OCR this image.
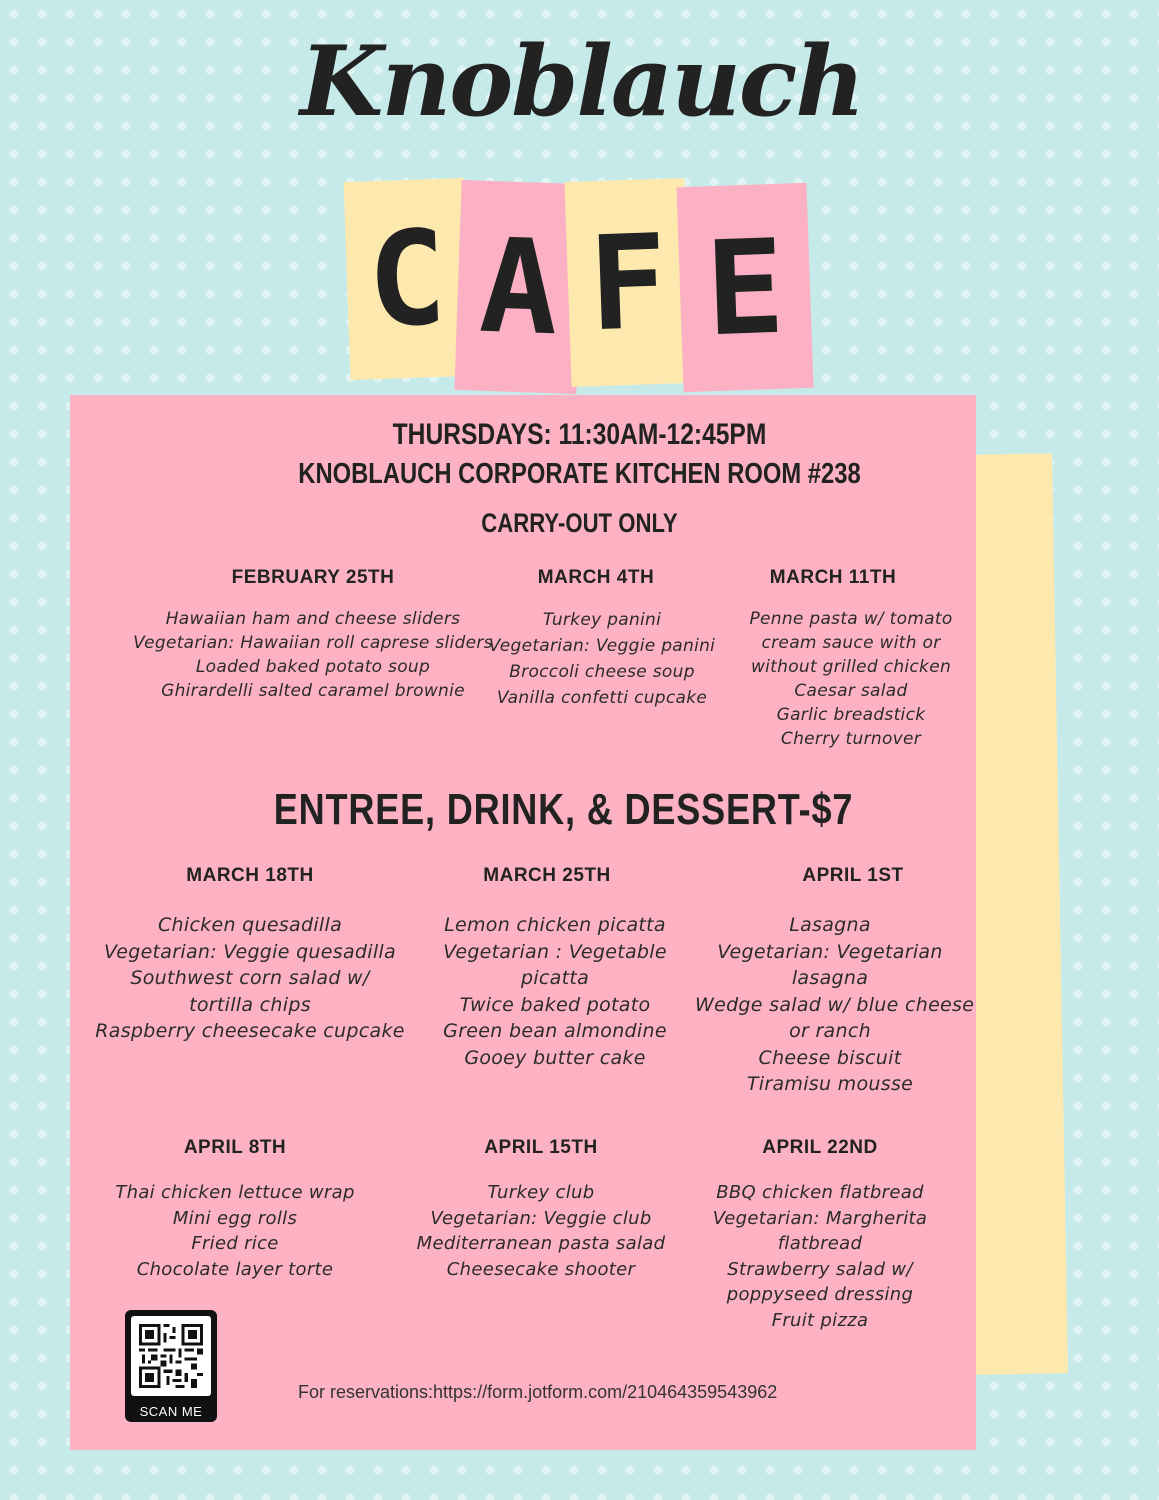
Knoblauch
C A F E
THURSDAYS: 11:30AM-12:45PM
KNOBLAUCH CORPORATE KITCHEN ROOM #238
CARRY-OUT ONLY
FEBRUARY 25TH
Hawaiian ham and cheese sliders
Vegetarian: Hawaiian roll caprese sliders
Loaded baked potato soup
Ghirardelli salted caramel brownie
MARCH 4TH
Turkey panini
Vegetarian: Veggie panini
Broccoli cheese soup
Vanilla confetti cupcake
MARCH 11TH
Penne pasta w/ tomato
cream sauce with or
without grilled chicken
Caesar salad
Garlic breadstick
Cherry turnover
ENTREE, DRINK, & DESSERT-$7
MARCH 18TH
Chicken quesadilla
Vegetarian: Veggie quesadilla
Southwest corn salad w/
tortilla chips
Raspberry cheesecake cupcake
MARCH 25TH
Lemon chicken picatta
Vegetarian : Vegetable
picatta
Twice baked potato
Green bean almondine
Gooey butter cake
APRIL 1ST
Lasagna
Vegetarian: Vegetarian
lasagna
Wedge salad w/ blue cheese
or ranch
Cheese biscuit
Tiramisu mousse
APRIL 8TH
Thai chicken lettuce wrap
Mini egg rolls
Fried rice
Chocolate layer torte
APRIL 15TH
Turkey club
Vegetarian: Veggie club
Mediterranean pasta salad
Cheesecake shooter
APRIL 22ND
BBQ chicken flatbread
Vegetarian: Margherita
flatbread
Strawberry salad w/
poppyseed dressing
Fruit pizza
SCAN ME
For reservations:https://form.jotform.com/210464359543962
